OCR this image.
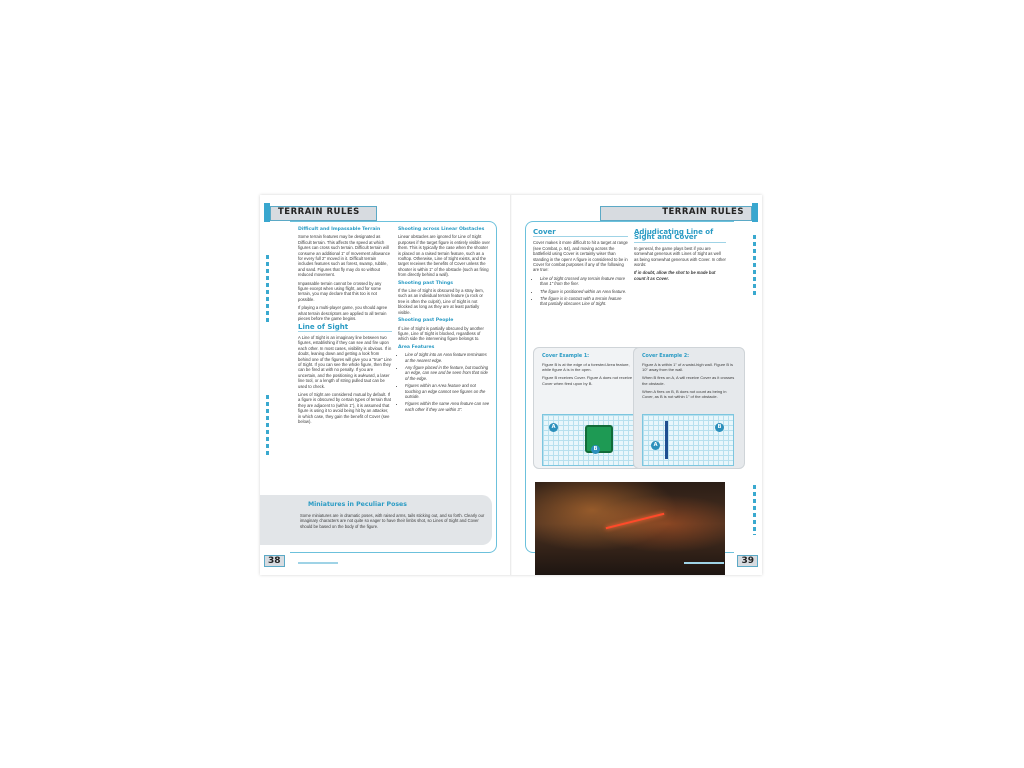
TERRAIN RULES
Difficult and Impassable Terrain

Some terrain features may be designated as Difficult terrain. This affects the speed at which figures can cross such terrain. Difficult terrain will consume an additional 1" of movement allowance for every full 2" moved in it. Difficult terrain includes features such as forest, swamp, rubble, and sand. Figures that fly may do so without reduced movement.

Impassable terrain cannot be crossed by any figure except when using flight, and for some terrain, you may declare that this too is not possible.

If playing a multi-player game, you should agree what terrain descriptors are applied to all terrain pieces before the game begins.

Line of Sight

A Line of Sight is an imaginary line between two figures, establishing if they can see and fire upon each other. In most cases, visibility is obvious. If in doubt, leaning down and getting a look from behind one of the figures will give you a "true" Line of Sight. If you can see the whole figure, then they can be fired at with no penalty. If you are uncertain, and the positioning is awkward, a laser line tool, or a length of string pulled taut can be used to check.

Lines of Sight are considered mutual by default. If a figure is obscured by certain types of terrain that they are adjacent to (within 1"), it is assumed that figure is using it to avoid being hit by an attacker, in which case, they gain the benefit of Cover (see below).

Shooting across Linear Obstacles

Linear obstacles are ignored for Line of Sight purposes if the target figure is entirely visible over them. This is typically the case when the shooter is placed on a raised terrain feature, such as a rooftop. Otherwise, Line of Sight exists, and the target receives the benefits of Cover unless the shooter is within 1" of the obstacle (such as firing from directly behind a wall).

Shooting past Things

If the Line of Sight is obscured by a stray item, such as an individual terrain feature (a rock or tree is often the culprit), Line of Sight is not blocked as long as they are at least partially visible.

Shooting past People

If Line of Sight is partially obscured by another figure, Line of Sight is blocked, regardless of which side the intervening figure belongs to.

Area Features
• Line of Sight into an Area feature terminates at the nearest edge.
• Any figure placed in the feature, but touching an edge, can see and be seen from that side of the edge.
• Figures within an Area feature and not touching an edge cannot see figures on the outside.
• Figures within the same Area feature can see each other if they are within 3".
Miniatures in Peculiar Poses
Some miniatures are in dramatic poses, with raised arms, tails sticking out, and so forth. Clearly our imaginary characters are not quite so eager to have their limbs shot, so Lines of Sight and Cover should be based on the body of the figure.
38
TERRAIN RULES
Cover

Cover makes it more difficult to hit a target at range (see Combat, p. 64), and moving across the battlefield using Cover is certainly wiser than standing in the open! A figure is considered to be in Cover for combat purposes if any of the following are true:

• Line of Sight crossed any terrain feature more than 1" from the firer.
• The figure is positioned within an Area feature.
• The figure is in contact with a terrain feature that partially obscures Line of Sight.
Adjudicating Line of Sight and Cover

In general, the game plays best if you are somewhat generous with Lines of Sight as well as being somewhat generous with Cover. In other words:

If in doubt, allow the shot to be made but count it as Cover.

Cover Example 1:

Figure B is at the edge of a forested Area feature, while figure A is in the open.

Figure B receives Cover. Figure A does not receive Cover when fired upon by B.

A
B
Cover Example 2:

Figure A is within 1" of a waist-high wall. Figure B is 10" away from the wall.

When B fires on A, A will receive Cover as it crosses the obstacle.

When A fires on B, B does not count as being in Cover, as B is not within 1" of the obstacle.

A
B
39
